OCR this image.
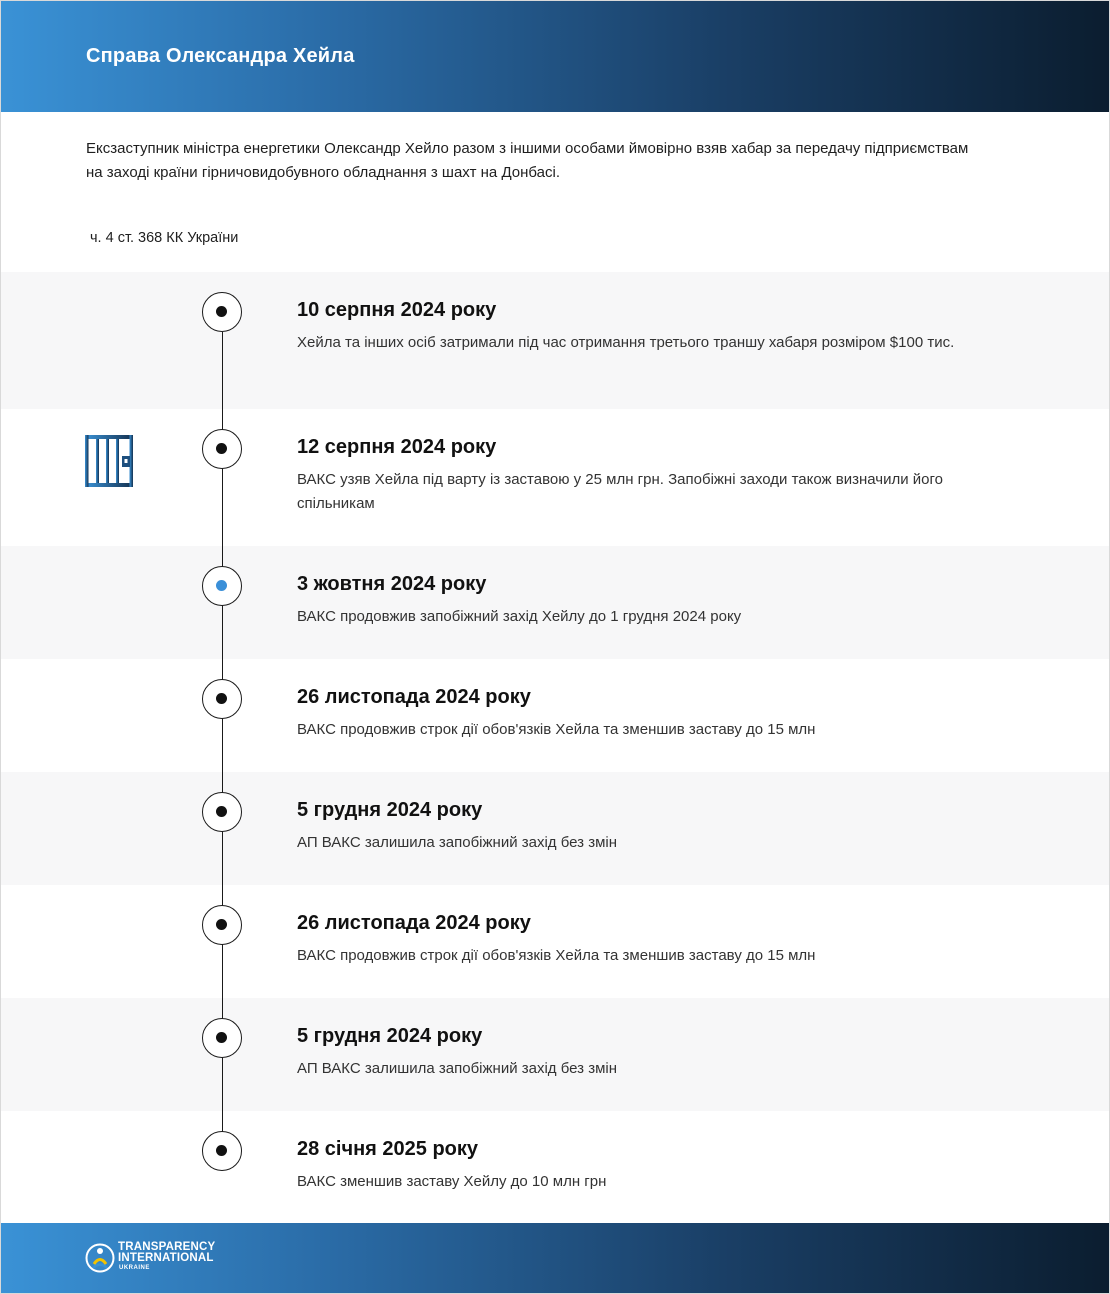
Справа Олександра Хейла
Ексзаступник міністра енергетики Олександр Хейло разом з іншими особами ймовірно взяв хабар за передачу підприємствам на заході країни гірничовидобувного обладнання з шахт на Донбасі.
ч. 4 ст. 368 КК України
10 серпня 2024 року
Хейла та інших осіб затримали під час отримання третього траншу хабаря розміром $100 тис.
12 серпня 2024 року
ВАКС узяв Хейла під варту із заставою у 25 млн грн. Запобіжні заходи також визначили його спільникам
3 жовтня 2024 року
ВАКС продовжив запобіжний захід Хейлу до 1 грудня 2024 року
26 листопада 2024 року
ВАКС продовжив строк дії обов'язків Хейла та зменшив заставу до 15 млн
5 грудня 2024 року
АП ВАКС залишила запобіжний захід без змін
26 листопада 2024 року
ВАКС продовжив строк дії обов'язків Хейла та зменшив заставу до 15 млн
5 грудня 2024 року
АП ВАКС залишила запобіжний захід без змін
28 січня 2025 року
ВАКС зменшив заставу Хейлу до 10 млн грн
TRANSPARENCY
INTERNATIONAL
UKRAINE
